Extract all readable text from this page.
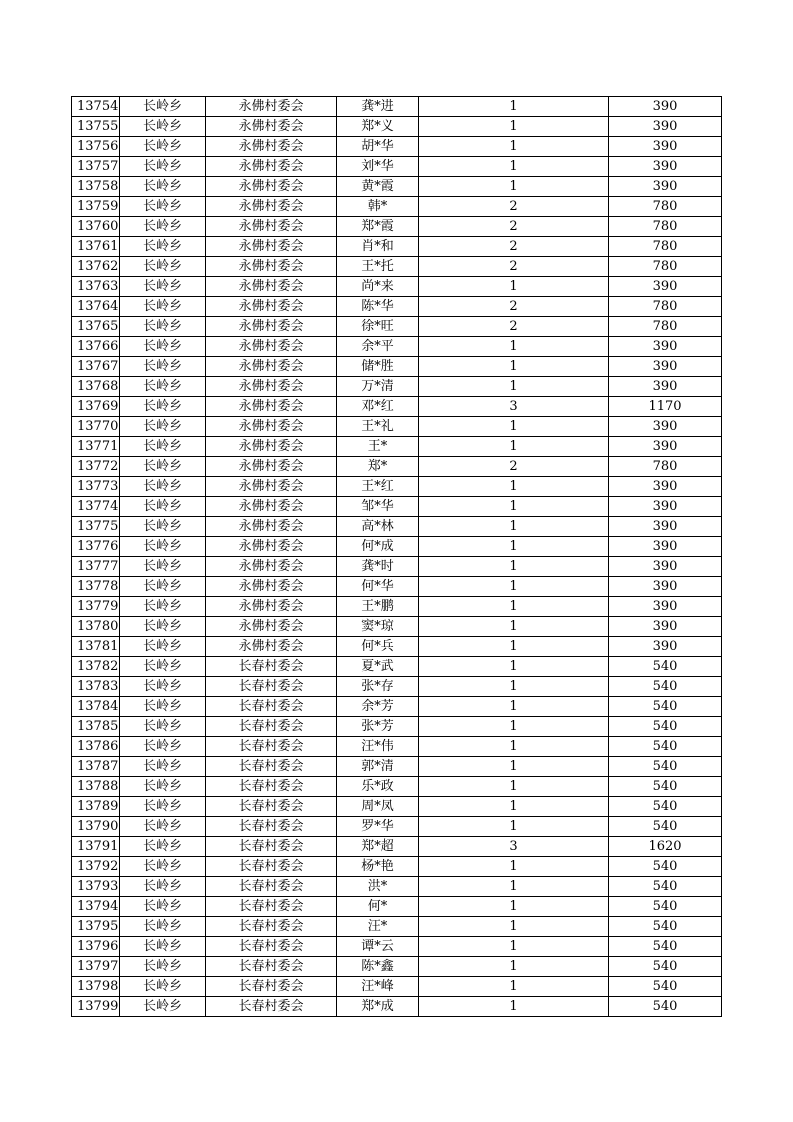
13754	长岭乡	永佛村委会	龚*进	1	390
13755	长岭乡	永佛村委会	郑*义	1	390
13756	长岭乡	永佛村委会	胡*华	1	390
13757	长岭乡	永佛村委会	刘*华	1	390
13758	长岭乡	永佛村委会	黄*霞	1	390
13759	长岭乡	永佛村委会	韩*	2	780
13760	长岭乡	永佛村委会	郑*霞	2	780
13761	长岭乡	永佛村委会	肖*和	2	780
13762	长岭乡	永佛村委会	王*托	2	780
13763	长岭乡	永佛村委会	尚*来	1	390
13764	长岭乡	永佛村委会	陈*华	2	780
13765	长岭乡	永佛村委会	徐*旺	2	780
13766	长岭乡	永佛村委会	余*平	1	390
13767	长岭乡	永佛村委会	储*胜	1	390
13768	长岭乡	永佛村委会	万*清	1	390
13769	长岭乡	永佛村委会	邓*红	3	1170
13770	长岭乡	永佛村委会	王*礼	1	390
13771	长岭乡	永佛村委会	王*	1	390
13772	长岭乡	永佛村委会	郑*	2	780
13773	长岭乡	永佛村委会	王*红	1	390
13774	长岭乡	永佛村委会	邹*华	1	390
13775	长岭乡	永佛村委会	高*林	1	390
13776	长岭乡	永佛村委会	何*成	1	390
13777	长岭乡	永佛村委会	龚*时	1	390
13778	长岭乡	永佛村委会	何*华	1	390
13779	长岭乡	永佛村委会	王*鹏	1	390
13780	长岭乡	永佛村委会	窦*琼	1	390
13781	长岭乡	永佛村委会	何*兵	1	390
13782	长岭乡	长春村委会	夏*武	1	540
13783	长岭乡	长春村委会	张*存	1	540
13784	长岭乡	长春村委会	余*芳	1	540
13785	长岭乡	长春村委会	张*芳	1	540
13786	长岭乡	长春村委会	汪*伟	1	540
13787	长岭乡	长春村委会	郭*清	1	540
13788	长岭乡	长春村委会	乐*政	1	540
13789	长岭乡	长春村委会	周*凤	1	540
13790	长岭乡	长春村委会	罗*华	1	540
13791	长岭乡	长春村委会	郑*超	3	1620
13792	长岭乡	长春村委会	杨*艳	1	540
13793	长岭乡	长春村委会	洪*	1	540
13794	长岭乡	长春村委会	何*	1	540
13795	长岭乡	长春村委会	汪*	1	540
13796	长岭乡	长春村委会	谭*云	1	540
13797	长岭乡	长春村委会	陈*鑫	1	540
13798	长岭乡	长春村委会	汪*峰	1	540
13799	长岭乡	长春村委会	郑*成	1	540
